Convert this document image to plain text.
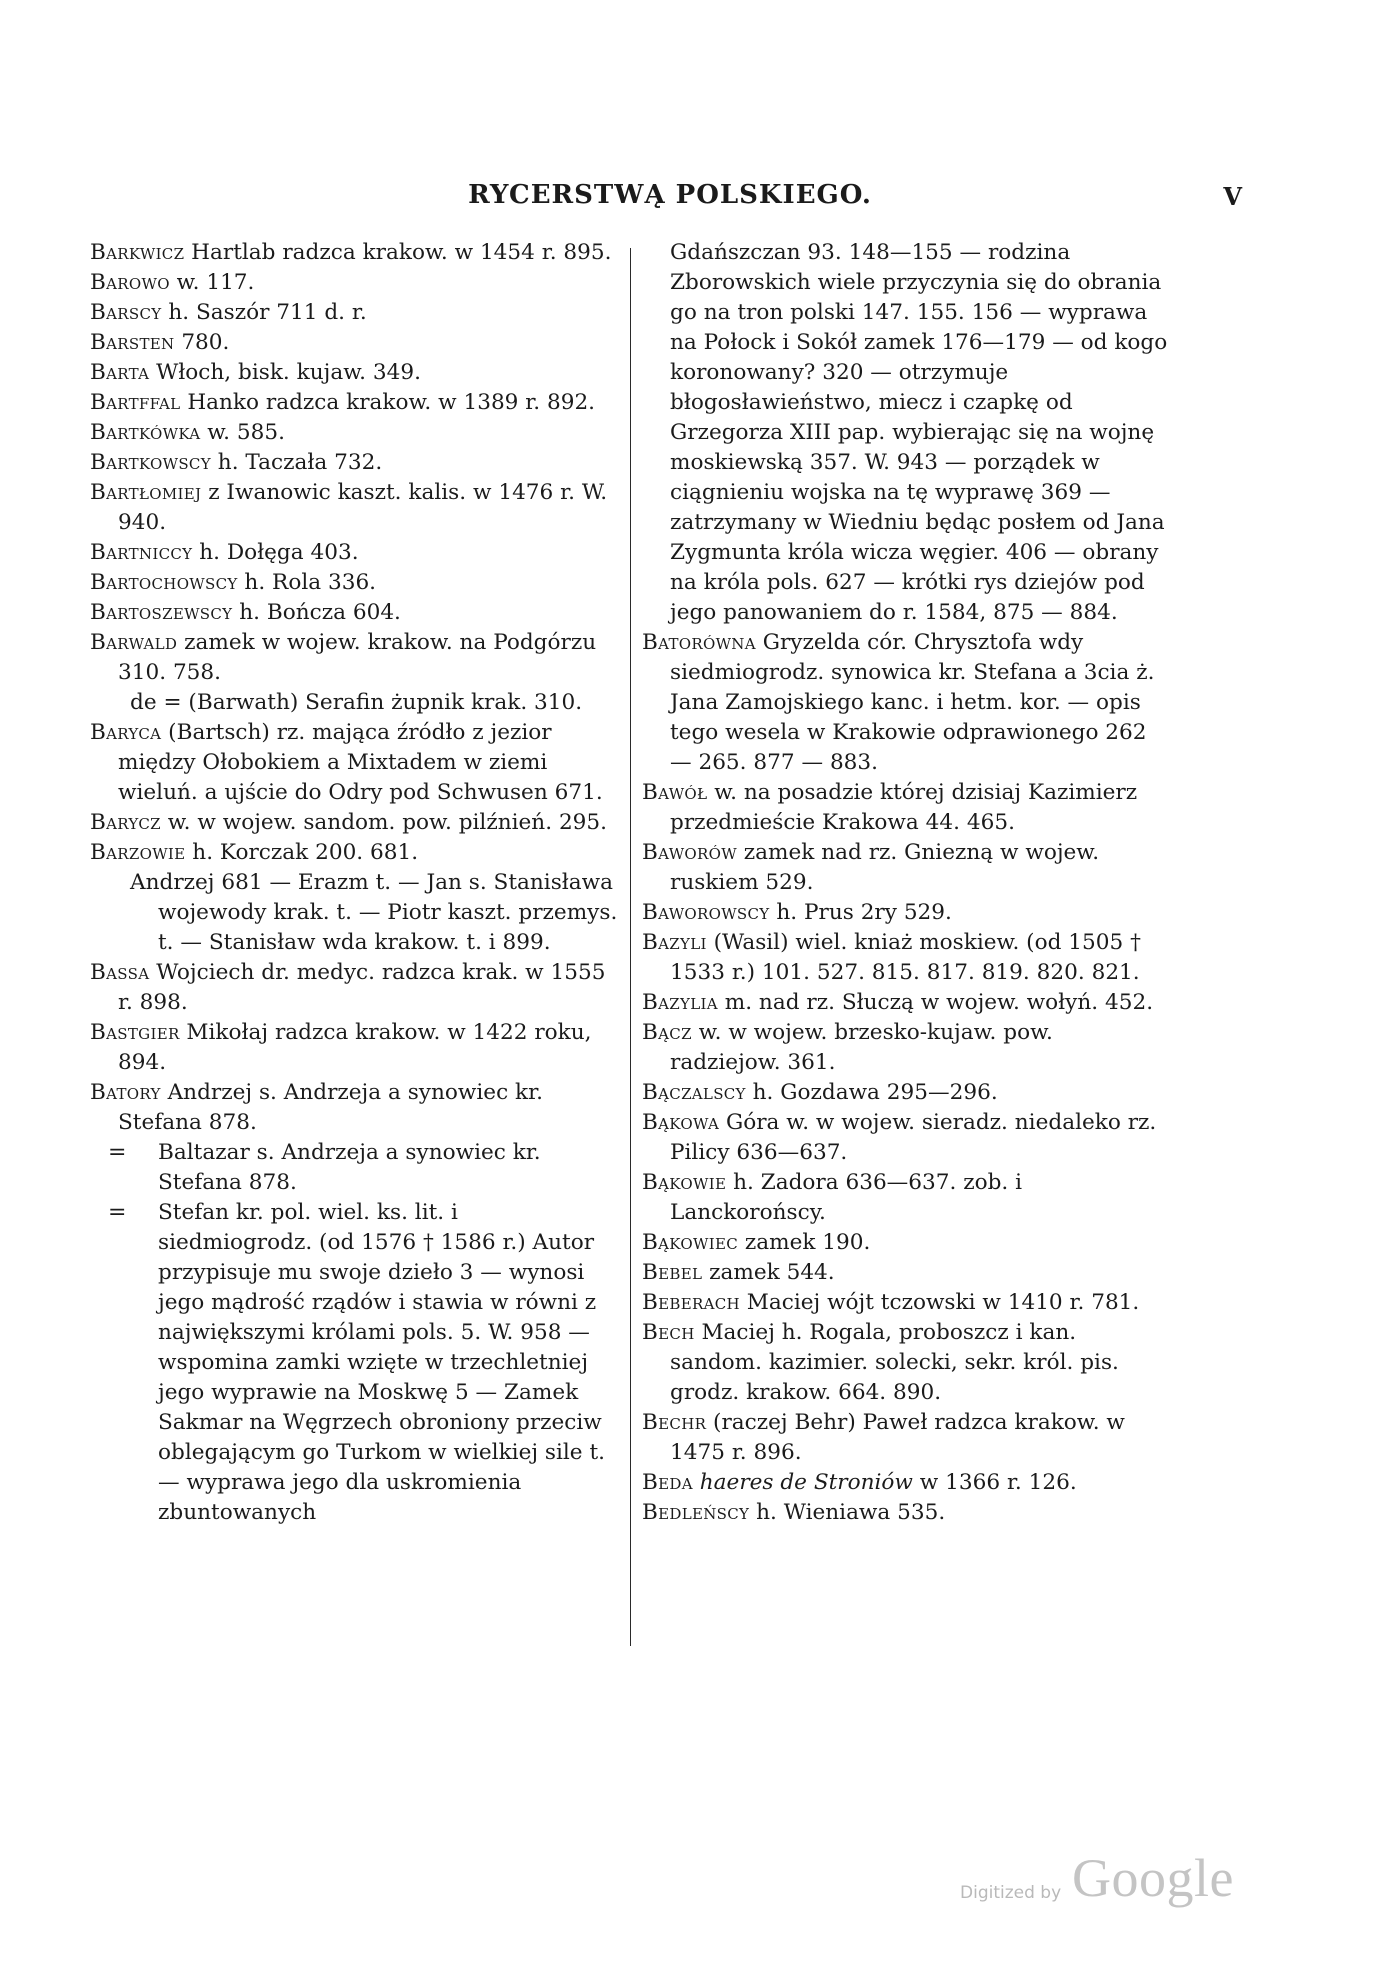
RYCERSTWĄ POLSKIEGO.	V

Barkwicz Hartlab radzca krakow. w 1454 r. 895.

Barowo w. 117.

Barscy h. Saszór 711 d. r.

Barsten 780.

Barta Włoch, bisk. kujaw. 349.

Bartffal Hanko radzca krakow. w 1389 r. 892.

Bartkówka w. 585.

Bartkowscy h. Taczała 732.

Bartłomiej z Iwanowic kaszt. kalis. w 1476 r. W. 940.

Bartniccy h. Dołęga 403.

Bartochowscy h. Rola 336.

Bartoszewscy h. Bończa 604.

Barwald zamek w wojew. krakow. na Podgórzu 310. 758.

de = (Barwath) Serafin żupnik krak. 310.

Baryca (Bartsch) rz. mająca źródło z jezior między Ołobokiem a Mixtadem w ziemi wieluń. a ujście do Odry pod Schwusen 671.

Barycz w. w wojew. sandom. pow. pilźnień. 295.

Barzowie h. Korczak 200. 681.

Andrzej 681 — Erazm t. — Jan s. Stanisława wojewody krak. t. — Piotr kaszt. przemys. t. — Stanisław wda krakow. t. i 899.

Bassa Wojciech dr. medyc. radzca krak. w 1555 r. 898.

Bastgier Mikołaj radzca krakow. w 1422 roku, 894.

Batory Andrzej s. Andrzeja a synowiec kr. Stefana 878.

= Baltazar s. Andrzeja a synowiec kr. Stefana 878.

= Stefan kr. pol. wiel. ks. lit. i siedmiogrodz. (od 1576 † 1586 r.) Autor przypisuje mu swoje dzieło 3 — wynosi jego mądrość rządów i stawia w równi z największymi królami pols. 5. W. 958 — wspomina zamki wzięte w trzechletniej jego wyprawie na Moskwę 5 — Zamek Sakmar na Węgrzech obroniony przeciw oblegającym go Turkom w wielkiej sile t. — wyprawa jego dla uskromienia zbuntowanych

Gdańszczan 93. 148—155 — rodzina Zborowskich wiele przyczynia się do obrania go na tron polski 147. 155. 156 — wyprawa na Połock i Sokół zamek 176—179 — od kogo koronowany? 320 — otrzymuje błogosławieństwo, miecz i czapkę od Grzegorza XIII pap. wybierając się na wojnę moskiewską 357. W. 943 — porządek w ciągnieniu wojska na tę wyprawę 369 — zatrzymany w Wiedniu będąc posłem od Jana Zygmunta króla wicza węgier. 406 — obrany na króla pols. 627 — krótki rys dziejów pod jego panowaniem do r. 1584, 875 — 884.

Batorówna Gryzelda cór. Chrysztofa wdy siedmiogrodz. synowica kr. Stefana a 3cia ż. Jana Zamojskiego kanc. i hetm. kor. — opis tego wesela w Krakowie odprawionego 262 — 265. 877 — 883.

Bawół w. na posadzie której dzisiaj Kazimierz przedmieście Krakowa 44. 465.

Baworów zamek nad rz. Gniezną w wojew. ruskiem 529.

Baworowscy h. Prus 2ry 529.

Bazyli (Wasil) wiel. kniaż moskiew. (od 1505 † 1533 r.) 101. 527. 815. 817. 819. 820. 821.

Bazylia m. nad rz. Słuczą w wojew. wołyń. 452.

Bącz w. w wojew. brzesko-kujaw. pow. radziejow. 361.

Bączalscy h. Gozdawa 295—296.

Bąkowa Góra w. w wojew. sieradz. niedaleko rz. Pilicy 636—637.

Bąkowie h. Zadora 636—637. zob. i Lanckorońscy.

Bąkowiec zamek 190.

Bebel zamek 544.

Beberach Maciej wójt tczowski w 1410 r. 781.

Bech Maciej h. Rogala, proboszcz i kan. sandom. kazimier. solecki, sekr. król. pis. grodz. krakow. 664. 890.

Bechr (raczej Behr) Paweł radzca krakow. w 1475 r. 896.

Beda haeres de Stroniów w 1366 r. 126.

Bedleńscy h. Wieniawa 535.

Digitized by Google
